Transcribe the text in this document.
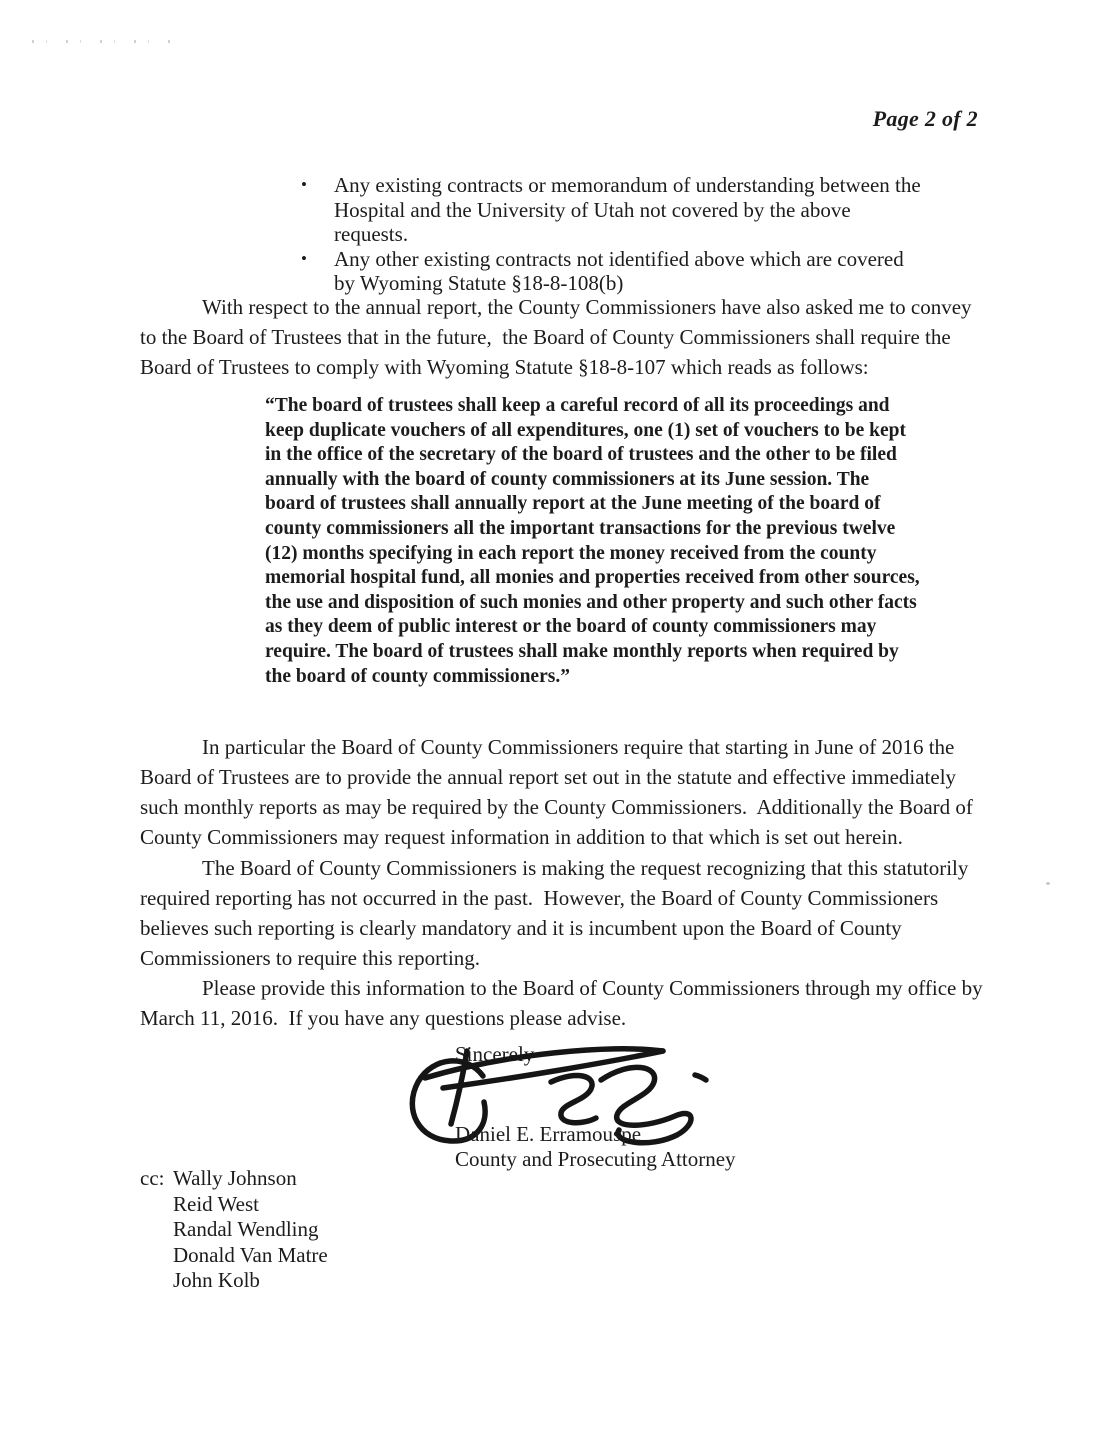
Page 2 of 2
•	Any existing contracts or memorandum of understanding between the Hospital and the University of Utah not covered by the above requests.
•	Any other existing contracts not identified above which are covered by Wyoming Statute §18-8-108(b)

With respect to the annual report, the County Commissioners have also asked me to convey to the Board of Trustees that in the future,  the Board of County Commissioners shall require the Board of Trustees to comply with Wyoming Statute §18-8-107 which reads as follows:

“The board of trustees shall keep a careful record of all its proceedings and keep duplicate vouchers of all expenditures, one (1) set of vouchers to be kept in the office of the secretary of the board of trustees and the other to be filed annually with the board of county commissioners at its June session. The board of trustees shall annually report at the June meeting of the board of county commissioners all the important transactions for the previous twelve (12) months specifying in each report the money received from the county memorial hospital fund, all monies and properties received from other sources, the use and disposition of such monies and other property and such other facts as they deem of public interest or the board of county commissioners may require. The board of trustees shall make monthly reports when required by the board of county commissioners.”

In particular the Board of County Commissioners require that starting in June of 2016 the Board of Trustees are to provide the annual report set out in the statute and effective immediately such monthly reports as may be required by the County Commissioners.  Additionally the Board of County Commissioners may request information in addition to that which is set out herein.

The Board of County Commissioners is making the request recognizing that this statutorily required reporting has not occurred in the past.  However, the Board of County Commissioners believes such reporting is clearly mandatory and it is incumbent upon the Board of County Commissioners to require this reporting.

Please provide this information to the Board of County Commissioners through my office by March 11, 2016.  If you have any questions please advise.

Sincerely
Daniel E. Erramouspe
County and Prosecuting Attorney
cc: Wally Johnson
Reid West
Randal Wendling
Donald Van Matre
John Kolb
